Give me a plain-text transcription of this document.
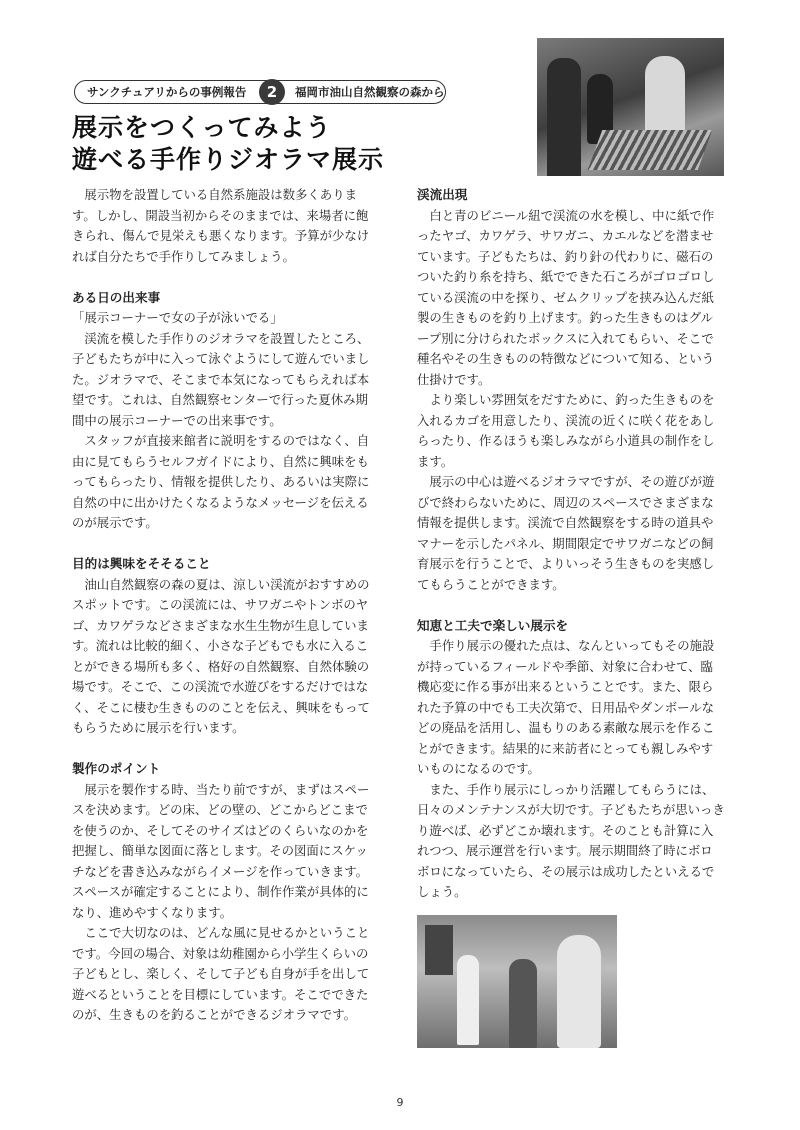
サンクチュアリからの事例報告	2	福岡市油山自然観察の森から
展示をつくってみよう
遊べる手作りジオラマ展示

展示物を設置している自然系施設は数多くあります。しかし、開設当初からそのままでは、来場者に飽きられ、傷んで見栄えも悪くなります。予算が少なければ自分たちで手作りしてみましょう。

ある日の出来事

「展示コーナーで女の子が泳いでる」

渓流を模した手作りのジオラマを設置したところ、子どもたちが中に入って泳ぐようにして遊んでいました。ジオラマで、そこまで本気になってもらえれば本望です。これは、自然観察センターで行った夏休み期間中の展示コーナーでの出来事です。

スタッフが直接来館者に説明をするのではなく、自由に見てもらうセルフガイドにより、自然に興味をもってもらったり、情報を提供したり、あるいは実際に自然の中に出かけたくなるようなメッセージを伝えるのが展示です。

目的は興味をそそること

油山自然観察の森の夏は、涼しい渓流がおすすめのスポットです。この渓流には、サワガニやトンボのヤゴ、カワゲラなどさまざまな水生生物が生息しています。流れは比較的細く、小さな子どもでも水に入ることができる場所も多く、格好の自然観察、自然体験の場です。そこで、この渓流で水遊びをするだけではなく、そこに棲む生きもののことを伝え、興味をもってもらうために展示を行います。

製作のポイント

展示を製作する時、当たり前ですが、まずはスペースを決めます。どの床、どの壁の、どこからどこまでを使うのか、そしてそのサイズはどのくらいなのかを把握し、簡単な図面に落とします。その図面にスケッチなどを書き込みながらイメージを作っていきます。スペースが確定することにより、制作作業が具体的になり、進めやすくなります。

ここで大切なのは、どんな風に見せるかということです。今回の場合、対象は幼稚園から小学生くらいの子どもとし、楽しく、そして子ども自身が手を出して遊べるということを目標にしています。そこでできたのが、生きものを釣ることができるジオラマです。

渓流出現

白と青のビニール紐で渓流の水を模し、中に紙で作ったヤゴ、カワゲラ、サワガニ、カエルなどを潜ませています。子どもたちは、釣り針の代わりに、磁石のついた釣り糸を持ち、紙でできた石ころがゴロゴロしている渓流の中を探り、ゼムクリップを挟み込んだ紙製の生きものを釣り上げます。釣った生きものはグループ別に分けられたボックスに入れてもらい、そこで種名やその生きものの特徴などについて知る、という仕掛けです。

より楽しい雰囲気をだすために、釣った生きものを入れるカゴを用意したり、渓流の近くに咲く花をあしらったり、作るほうも楽しみながら小道具の制作をします。

展示の中心は遊べるジオラマですが、その遊びが遊びで終わらないために、周辺のスペースでさまざまな情報を提供します。渓流で自然観察をする時の道具やマナーを示したパネル、期間限定でサワガニなどの飼育展示を行うことで、よりいっそう生きものを実感してもらうことができます。

知恵と工夫で楽しい展示を

手作り展示の優れた点は、なんといってもその施設が持っているフィールドや季節、対象に合わせて、臨機応変に作る事が出来るということです。また、限られた予算の中でも工夫次第で、日用品やダンボールなどの廃品を活用し、温もりのある素敵な展示を作ることができます。結果的に来訪者にとっても親しみやすいものになるのです。

また、手作り展示にしっかり活躍してもらうには、日々のメンテナンスが大切です。子どもたちが思いっきり遊べば、必ずどこか壊れます。そのことも計算に入れつつ、展示運営を行います。展示期間終了時にボロボロになっていたら、その展示は成功したといえるでしょう。

9
